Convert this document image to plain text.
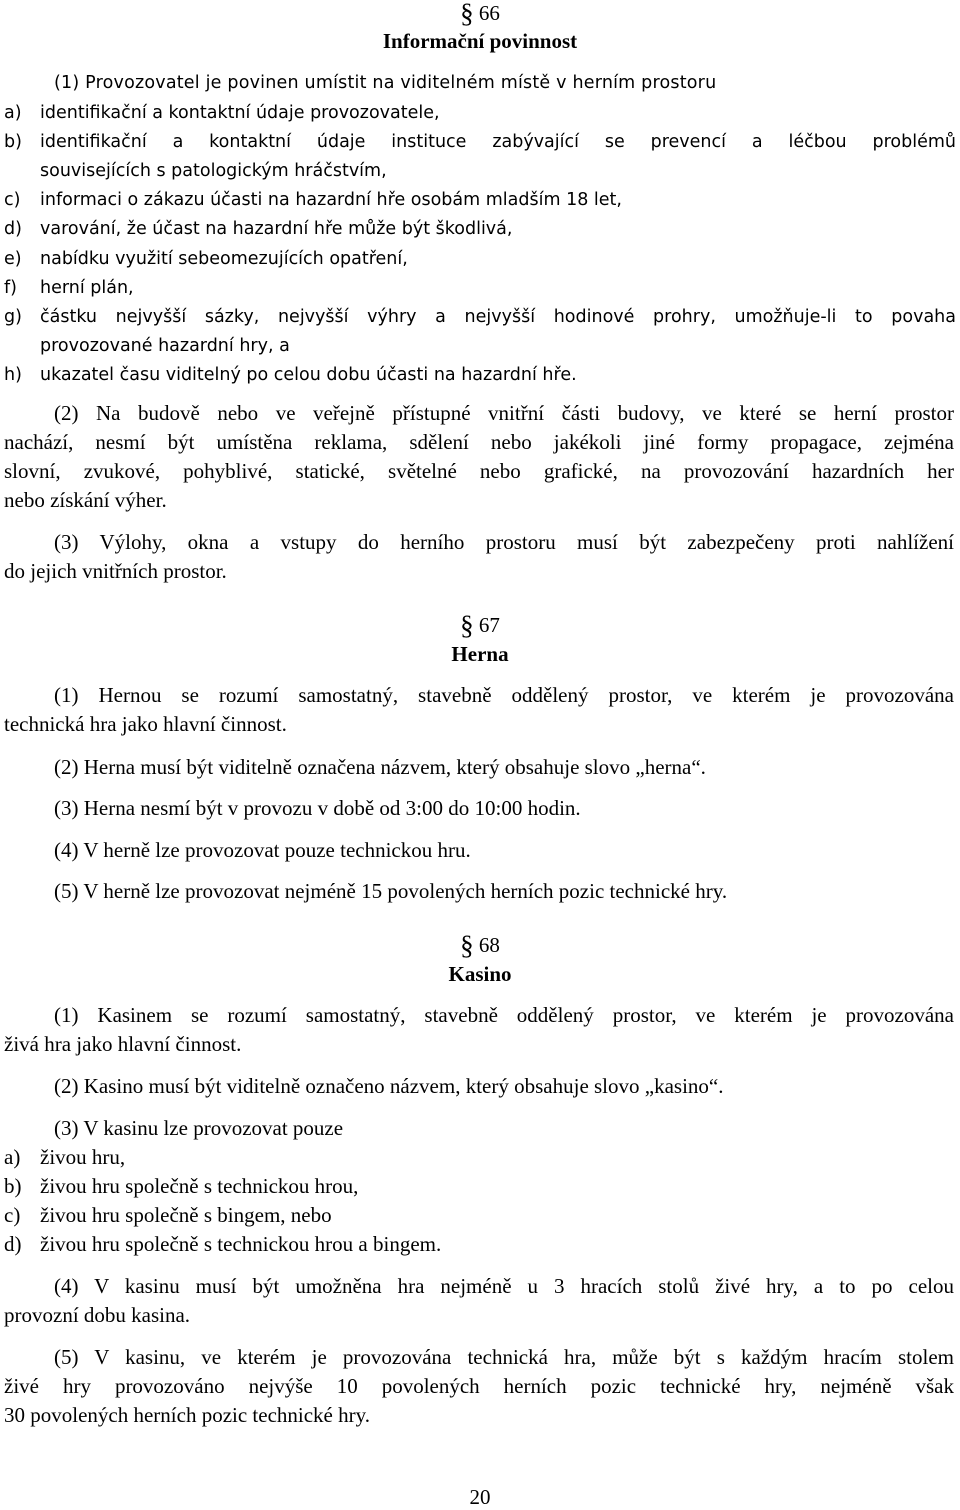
§ 66
Informační povinnost
(1) Provozovatel je povinen umístit na viditelném místě v herním prostoru
a) identifikační a kontaktní údaje provozovatele,
b) identifikační a kontaktní údaje instituce zabývající se prevencí a léčbou problémů
souvisejících s patologickým hráčstvím,
c) informaci o zákazu účasti na hazardní hře osobám mladším 18 let,
d) varování, že účast na hazardní hře může být škodlivá,
e) nabídku využití sebeomezujících opatření,
f) herní plán,
g) částku nejvyšší sázky, nejvyšší výhry a nejvyšší hodinové prohry, umožňuje-li to povaha
provozované hazardní hry, a
h) ukazatel času viditelný po celou dobu účasti na hazardní hře.
(2) Na budově nebo ve veřejně přístupné vnitřní části budovy, ve které se herní prostor
nachází, nesmí být umístěna reklama, sdělení nebo jakékoli jiné formy propagace, zejména
slovní, zvukové, pohyblivé, statické, světelné nebo grafické, na provozování hazardních her
nebo získání výher.
(3) Výlohy, okna a vstupy do herního prostoru musí být zabezpečeny proti nahlížení
do jejich vnitřních prostor.
§ 67
Herna
(1) Hernou se rozumí samostatný, stavebně oddělený prostor, ve kterém je provozována
technická hra jako hlavní činnost.
(2) Herna musí být viditelně označena názvem, který obsahuje slovo „herna“.
(3) Herna nesmí být v provozu v době od 3:00 do 10:00 hodin.
(4) V herně lze provozovat pouze technickou hru.
(5) V herně lze provozovat nejméně 15 povolených herních pozic technické hry.
§ 68
Kasino
(1) Kasinem se rozumí samostatný, stavebně oddělený prostor, ve kterém je provozována
živá hra jako hlavní činnost.
(2) Kasino musí být viditelně označeno názvem, který obsahuje slovo „kasino“.
(3) V kasinu lze provozovat pouze
a) živou hru,
b) živou hru společně s technickou hrou,
c) živou hru společně s bingem, nebo
d) živou hru společně s technickou hrou a bingem.
(4) V kasinu musí být umožněna hra nejméně u 3 hracích stolů živé hry, a to po celou
provozní dobu kasina.
(5) V kasinu, ve kterém je provozována technická hra, může být s každým hracím stolem
živé hry provozováno nejvýše 10 povolených herních pozic technické hry, nejméně však
30 povolených herních pozic technické hry.
20
